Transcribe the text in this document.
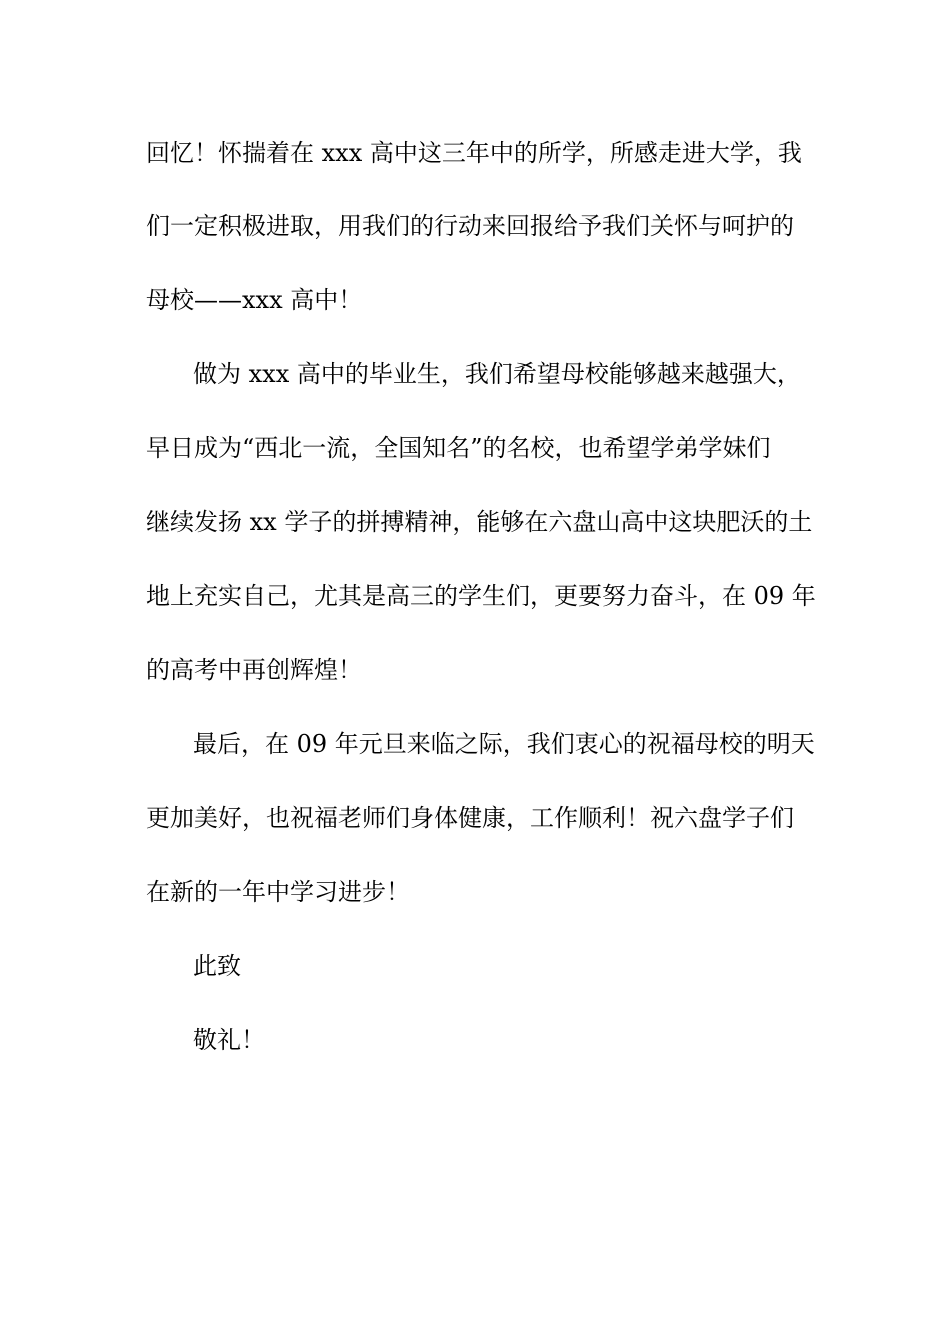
回忆！怀揣着在 xxx 高中这三年中的所学，所感走进大学，我
们一定积极进取，用我们的行动来回报给予我们关怀与呵护的
母校——xxx 高中！
做为 xxx 高中的毕业生，我们希望母校能够越来越强大，
早日成为“西北一流，全国知名”的名校，也希望学弟学妹们
继续发扬 xx 学子的拼搏精神，能够在六盘山高中这块肥沃的土
地上充实自己，尤其是高三的学生们，更要努力奋斗，在 09 年
的高考中再创辉煌！
最后，在 09 年元旦来临之际，我们衷心的祝福母校的明天
更加美好，也祝福老师们身体健康，工作顺利！祝六盘学子们
在新的一年中学习进步！
此致
敬礼！
